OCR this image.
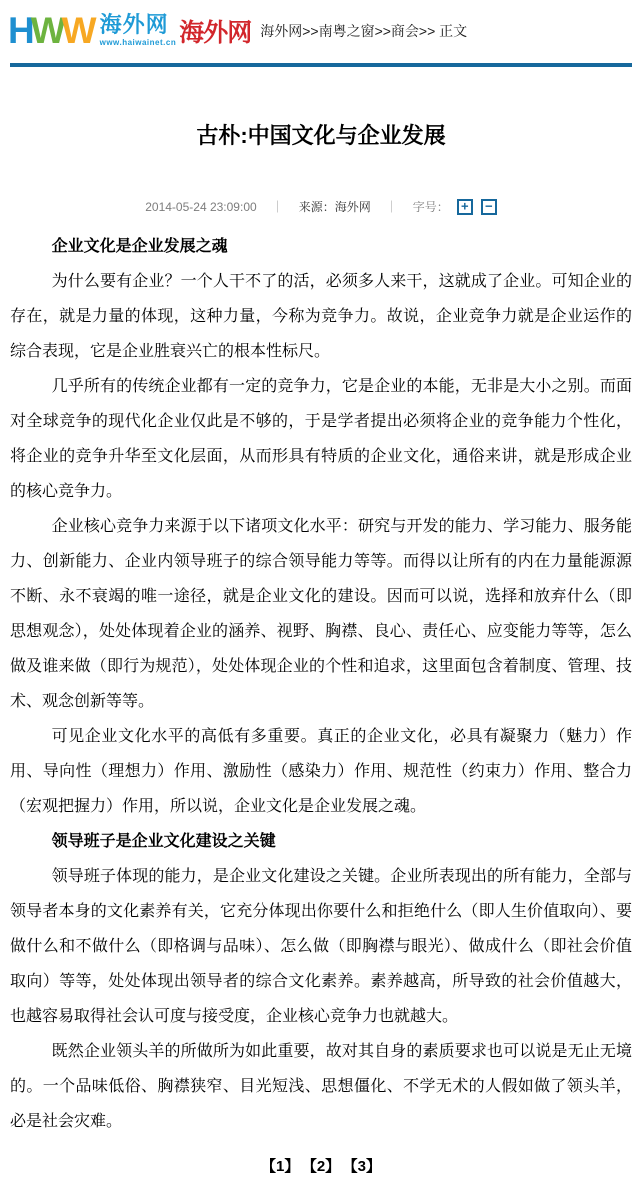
HWW 海外网
www.haiwainet.cn 海外网 海外网>>南粤之窗>>商会>> 正文
古朴:中国文化与企业发展
2014-05-24 23:09:00 ｜ 来源：海外网 ｜ 字号： + −
企业文化是企业发展之魂

为什么要有企业？一个人干不了的活，必须多人来干，这就成了企业。可知企业的存在，就是力量的体现，这种力量，今称为竞争力。故说，企业竞争力就是企业运作的综合表现，它是企业胜衰兴亡的根本性标尺。

几乎所有的传统企业都有一定的竞争力，它是企业的本能，无非是大小之别。而面对全球竞争的现代化企业仅此是不够的，于是学者提出必须将企业的竞争能力个性化，将企业的竞争升华至文化层面，从而形具有特质的企业文化，通俗来讲，就是形成企业的核心竞争力。

企业核心竞争力来源于以下诸项文化水平：研究与开发的能力、学习能力、服务能力、创新能力、企业内领导班子的综合领导能力等等。而得以让所有的内在力量能源源不断、永不衰竭的唯一途径，就是企业文化的建设。因而可以说，选择和放弃什么（即思想观念），处处体现着企业的涵养、视野、胸襟、良心、责任心、应变能力等等，怎么做及谁来做（即行为规范），处处体现企业的个性和追求，这里面包含着制度、管理、技术、观念创新等等。

可见企业文化水平的高低有多重要。真正的企业文化，必具有凝聚力（魅力）作用、导向性（理想力）作用、激励性（感染力）作用、规范性（约束力）作用、整合力（宏观把握力）作用，所以说，企业文化是企业发展之魂。

领导班子是企业文化建设之关键

领导班子体现的能力，是企业文化建设之关键。企业所表现出的所有能力，全部与领导者本身的文化素养有关，它充分体现出你要什么和拒绝什么（即人生价值取向）、要做什么和不做什么（即格调与品味）、怎么做（即胸襟与眼光）、做成什么（即社会价值取向）等等，处处体现出领导者的综合文化素养。素养越高，所导致的社会价值越大，也越容易取得社会认可度与接受度，企业核心竞争力也就越大。

既然企业领头羊的所做所为如此重要，故对其自身的素质要求也可以说是无止无境的。一个品味低俗、胸襟狭窄、目光短浅、思想僵化、不学无术的人假如做了领头羊，必是社会灾难。

【1】 【2】 【3】
